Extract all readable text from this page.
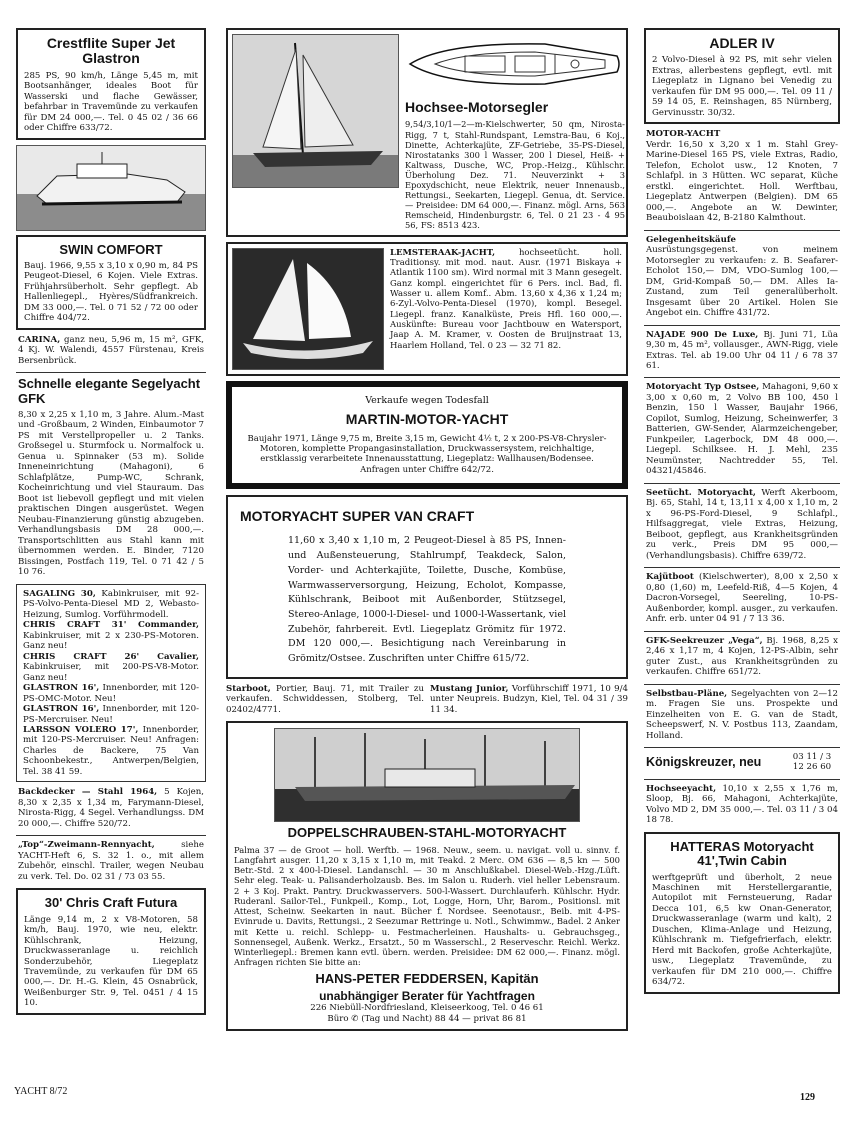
Crestflite Super Jet Glastron

285 PS, 90 km/h, Länge 5,45 m, mit Bootsanhänger, ideales Boot für Wasserski und flache Gewässer, befahrbar in Travemünde zu verkaufen für DM 24 000,—. Tel. 0 45 02 / 36 66 oder Chiffre 633/72.

SWIN COMFORT

Bauj. 1966, 9,55 x 3,10 x 0,90 m, 84 PS Peugeot-Diesel, 6 Kojen. Viele Extras. Frühjahrsüberholt. Sehr gepflegt. Ab Hallenliegepl., Hyères/Südfrankreich. DM 33 000,—. Tel. 0 71 52 / 72 00 oder Chiffre 404/72.

CARINA, ganz neu, 5,96 m, 15 m², GFK, 4 Kj. W. Walendi, 4557 Fürstenau, Kreis Bersenbrück.

Schnelle elegante Segelyacht GFK

8,30 x 2,25 x 1,10 m, 3 Jahre. Alum.-Mast und -Großbaum, 2 Winden, Einbaumotor 7 PS mit Verstellpropeller u. 2 Tanks. Großsegel u. Sturmfock u. Normalfock u. Genua u. Spinnaker (53 m). Solide Inneneinrichtung (Mahagoni), 6 Schlafplätze, Pump-WC, Schrank, Kocheinrichtung und viel Stauraum. Das Boot ist liebevoll gepflegt und mit vielen praktischen Dingen ausgerüstet. Wegen Neubau-Finanzierung günstig abzugeben. Verhandlungsbasis DM 28 000,—. Transportschlitten aus Stahl kann mit übernommen werden. E. Binder, 7120 Bissingen, Postfach 119, Tel. 0 71 42 / 5 10 76.

SAGALING 30, Kabinkruiser, mit 92-PS-Volvo-Penta-Diesel MD 2, Webasto-Heizung, Sumlog. Vorführmodell.

CHRIS CRAFT 31' Commander, Kabinkruiser, mit 2 x 230-PS-Motoren. Ganz neu!

CHRIS CRAFT 26' Cavalier, Kabinkruiser, mit 200-PS-V8-Motor. Ganz neu!

GLASTRON 16', Innenborder, mit 120-PS-OMC-Motor. Neu!

GLASTRON 16', Innenborder, mit 120-PS-Mercruiser. Neu!

LARSSON VOLERO 17', Innenborder, mit 120-PS-Mercruiser. Neu! Anfragen: Charles de Backere, 75 Van Schoonbekestr., Antwerpen/Belgien, Tel. 38 41 59.

Backdecker — Stahl 1964, 5 Kojen, 8,30 x 2,35 x 1,34 m, Farymann-Diesel, Nirosta-Rigg, 4 Segel. Verhandlungss. DM 20 000,—. Chiffre 520/72.

„Top“-Zweimann-Rennyacht,	siehe YACHT-Heft 6, S. 32 1. o., mit allem Zubehör, einschl. Trailer, wegen Neubau zu verk. Tel. Do. 02 31 / 73 03 55.

30' Chris Craft Futura

Länge 9,14 m, 2 x V8-Motoren, 58 km/h, Bauj. 1970, wie neu, elektr. Kühlschrank, Heizung, Druckwasseranlage u. reichlich Sonderzubehör, Liegeplatz Travemünde, zu verkaufen für DM 65 000,—. Dr. H.-G. Klein, 45 Osnabrück, Weißenburger Str. 9, Tel. 0451 / 4 15 10.

Hochsee-Motorsegler

9,54/3,10/1—2—m-Kielschwerter, 50 qm, Nirosta-Rigg, 7 t, Stahl-Rundspant, Lemstra-Bau, 6 Koj., Dinette, Achterkajüte, ZF-Getriebe, 35-PS-Diesel, Nirostatanks 300 l Wasser, 200 l Diesel, Heiß- + Kaltwass, Dusche, WC, Prop.-Heizg., Kühlschr. Überholung Dez. 71. Neuverzinkt + 3 Epoxydschicht, neue Elektrik, neuer Innenausb., Rettungsi., Seekarten, Liegepl. Genua, dt. Service. — Preisidee: DM 64 000,—. Finanz. mögl. Arns, 563 Remscheid, Hindenburgstr. 6, Tel. 0 21 23 - 4 95 56, FS: 8513 423.

LEMSTERAAK-JACHT,	hochseetücht. holl. Traditionsy. mit mod. naut. Ausr. (1971 Biskaya + Atlantik 1100 sm). Wird normal mit 3 Mann gesegelt. Ganz kompl. eingerichtet für 6 Pers. incl. Bad, fl. Wasser u. allem Komf.. Abm. 13,60 x 4,36 x 1,24 m; 6-Zyl.-Volvo-Penta-Diesel (1970), kompl. Besegel. Liegepl. franz. Kanalküste, Preis Hfl. 160 000,—. Auskünfte: Bureau voor Jachtbouw en Watersport, Jaap A. M. Kramer, v. Oosten de Bruijnstraat 13, Haarlem Holland, Tel. 0 23 — 32 71 82.

Verkaufe wegen Todesfall

MARTIN-MOTOR-YACHT

Baujahr 1971, Länge 9,75 m, Breite 3,15 m, Gewicht 4½ t, 2 x 200-PS-V8-Chrysler-Motoren, komplette Propangasinstallation, Druckwassersystem, reichhaltige, erstklassig verarbeitete Innenausstattung, Liegeplatz: Wallhausen/Bodensee. Anfragen unter Chiffre 642/72.

MOTORYACHT SUPER VAN CRAFT

11,60 x 3,40 x 1,10 m, 2 Peugeot-Diesel à 85 PS, Innen- und Außensteuerung, Stahlrumpf, Teakdeck, Salon, Vorder- und Achterkajüte, Toilette, Dusche, Kombüse, Warmwasserversorgung, Heizung, Echolot, Kompasse, Kühlschrank, Beiboot mit Außenborder, Stützsegel, Stereo-Anlage, 1000-l-Diesel- und 1000-l-Wassertank, viel Zubehör, fahrbereit. Evtl. Liegeplatz Grömitz für 1972. DM 120 000,—. Besichtigung nach Vereinbarung in Grömitz/Ostsee. Zuschriften unter Chiffre 615/72.

Starboot, Portier, Bauj. 71, mit Trailer zu verkaufen. Schwiddessen, Stolberg, Tel. 02402/4771.

Mustang Junior, Vorführschiff 1971, 10 9/4 unter Neupreis. Budzyn, Kiel, Tel. 04 31 / 39 11 34.

DOPPELSCHRAUBEN-STAHL-MOTORYACHT

Palma 37 — de Groot — holl. Werftb. — 1968. Neuw., seem. u. navigat. voll u. sinnv. f. Langfahrt ausger. 11,20 x 3,15 x 1,10 m, mit Teakd. 2 Merc. OM 636 — 8,5 kn — 500 Betr.-Std. 2 x 400-l-Diesel. Landanschl. — 30 m Anschlußkabel. Diesel-Web.-Hzg./Lüft. Sehr eleg. Teak- u. Palisanderholzausb. Bes. im Salon u. Ruderh. viel heller Lebensraum. 2 + 3 Koj. Prakt. Pantry. Druckwasservers. 500-l-Wassert. Durchlauferh. Kühlschr. Hydr. Ruderanl. Sailor-Tel., Funkpeil., Komp., Lot, Logge, Horn, Uhr, Barom., Positionsl. mit Attest, Scheinw. Seekarten in naut. Bücher f. Nordsee. Seenotausr., Beib. mit 4-PS-Evinrude u. Davits, Rettungsi., 2 Seezumar Rettringe u. Notl., Schwimmw., Badel. 2 Anker mit Kette u. reichl. Schlepp- u. Festmacherleinen. Haushalts- u. Gebrauchsgeg., Sonnensegel, Außenk. Werkz., Ersatzt., 50 m Wasserschl., 2 Reserveschr. Reichl. Werkz. Winterliegepl.: Bremen kann evtl. übern. werden. Preisidee: DM 62 000,—. Finanz. mögl. Anfragen richten Sie bitte an:

HANS-PETER FEDDERSEN, Kapitän
unabhängiger Berater für Yachtfragen

226 Niebüll-Nordfriesland, Kleiseerkoog, Tel. 0 46 61

Büro ✆ (Tag und Nacht) 88 44 — privat 86 81

ADLER IV

2 Volvo-Diesel à 92 PS, mit sehr vielen Extras, allerbestens gepflegt, evtl. mit Liegeplatz in Lignano bei Venedig zu verkaufen für DM 95 000,—. Tel. 09 11 / 59 14 05, E. Reinshagen, 85 Nürnberg, Gervinusstr. 30/32.

MOTOR-YACHT
Verdr. 16,50 x 3,20 x 1 m. Stahl Grey-Marine-Diesel 165 PS, viele Extras, Radio, Telefon, Echolot usw., 12 Knoten, 7 Schlafpl. in 3 Hütten. WC separat, Küche erstkl. eingerichtet. Holl. Werftbau, Liegeplatz Antwerpen (Belgien). DM 65 000,—. Angebote an W. Dewinter, Beauboislaan 42, B-2180 Kalmthout.

Gelegenheitskäufe
Ausrüstungsgegenst. von meinem Motorsegler zu verkaufen: z. B. Seafarer-Echolot 150,— DM, VDO-Sumlog 100,— DM, Grid-Kompaß 50,— DM. Alles Ia-Zustand, zum Teil generalüberholt. Insgesamt über 20 Artikel. Holen Sie Angebot ein. Chiffre 431/72.

NAJADE 900 De Luxe, Bj. Juni 71, Lüa 9,30 m, 45 m², vollausger., AWN-Rigg, viele Extras. Tel. ab 19.00 Uhr 04 11 / 6 78 37 61.

Motoryacht Typ Ostsee, Mahagoni, 9,60 x 3,00 x 0,60 m, 2 Volvo BB 100, 450 l Benzin, 150 l Wasser, Baujahr 1966, Copilot, Sumlog, Heizung, Scheinwerfer, 3 Batterien, GW-Sender, Alarmzeichengeber, Funkpeiler, Lagerbock, DM 48 000,—. Liegepl. Schilksee. H. J. Mehl, 235 Neumünster, Nachtredder 55, Tel. 04321/45846.

Seetücht. Motoryacht, Werft Akerboom, Bj. 65, Stahl, 14 t, 13,11 x 4,00 x 1,10 m, 2 x 96-PS-Ford-Diesel, 9 Schlafpl., Hilfsaggregat, viele Extras, Heizung, Beiboot, gepflegt, aus Krankheitsgründen zu verk., Preis DM 95 000,— (Verhandlungsbasis). Chiffre 639/72.

Kajütboot (Kielschwerter), 8,00 x 2,50 x 0,80 (1,60) m, Leefeld-Riß, 4—5 Kojen, 4 Dacron-Vorsegel, Seereling, 10-PS-Außenborder, kompl. ausger., zu verkaufen. Anfr. erb. unter 04 91 / 7 13 36.

GFK-Seekreuzer „Vega“, Bj. 1968, 8,25 x 2,46 x 1,17 m, 4 Kojen, 12-PS-Albin, sehr guter Zust., aus Krankheitsgründen zu verkaufen. Chiffre 651/72.

Selbstbau-Pläne, Segelyachten von 2—12 m. Fragen Sie uns. Prospekte und Einzelheiten von E. G. van de Stadt, Scheepswerf, N. V. Postbus 113, Zaandam, Holland.

Königskreuzer, neu	03 11 / 3 12 26 60

Hochseeyacht, 10,10 x 2,55 x 1,76 m, Sloop, Bj. 66, Mahagoni, Achterkajüte, Volvo MD 2, DM 35 000,—. Tel. 03 11 / 3 04 18 78.

HATTERAS Motoryacht 41',Twin Cabin

werftgeprüft und überholt, 2 neue Maschinen mit Herstellergarantie, Autopilot mit Fernsteuerung, Radar Decca 101, 6,5 kw Onan-Generator, Druckwasseranlage (warm und kalt), 2 Duschen, Klima-Anlage und Heizung, Kühlschrank m. Tiefgefrierfach, elektr. Herd mit Backofen, große Achterkajüte, usw., Liegeplatz Travemünde, zu verkaufen für DM 210 000,—. Chiffre 634/72.

YACHT 8/72
129
